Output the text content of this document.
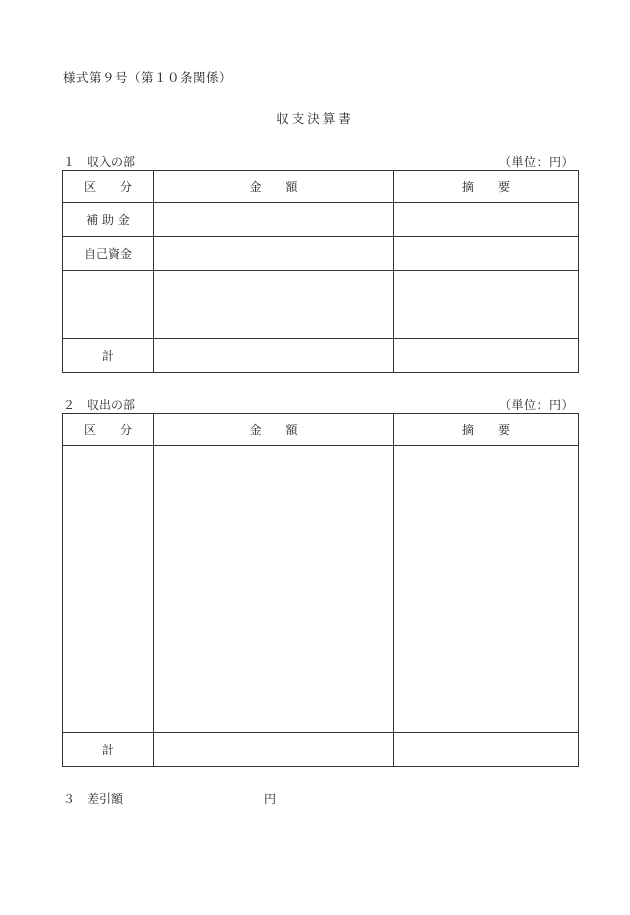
様式第９号（第１０条関係）
収支決算書
１　収入の部	（単位：円）
区　　分	金　　額	摘　　要
補 助 金		
自己資金		

計		
２　収出の部	（単位：円）
区　　分	金　　額	摘　　要

計		
３　差引額	円
